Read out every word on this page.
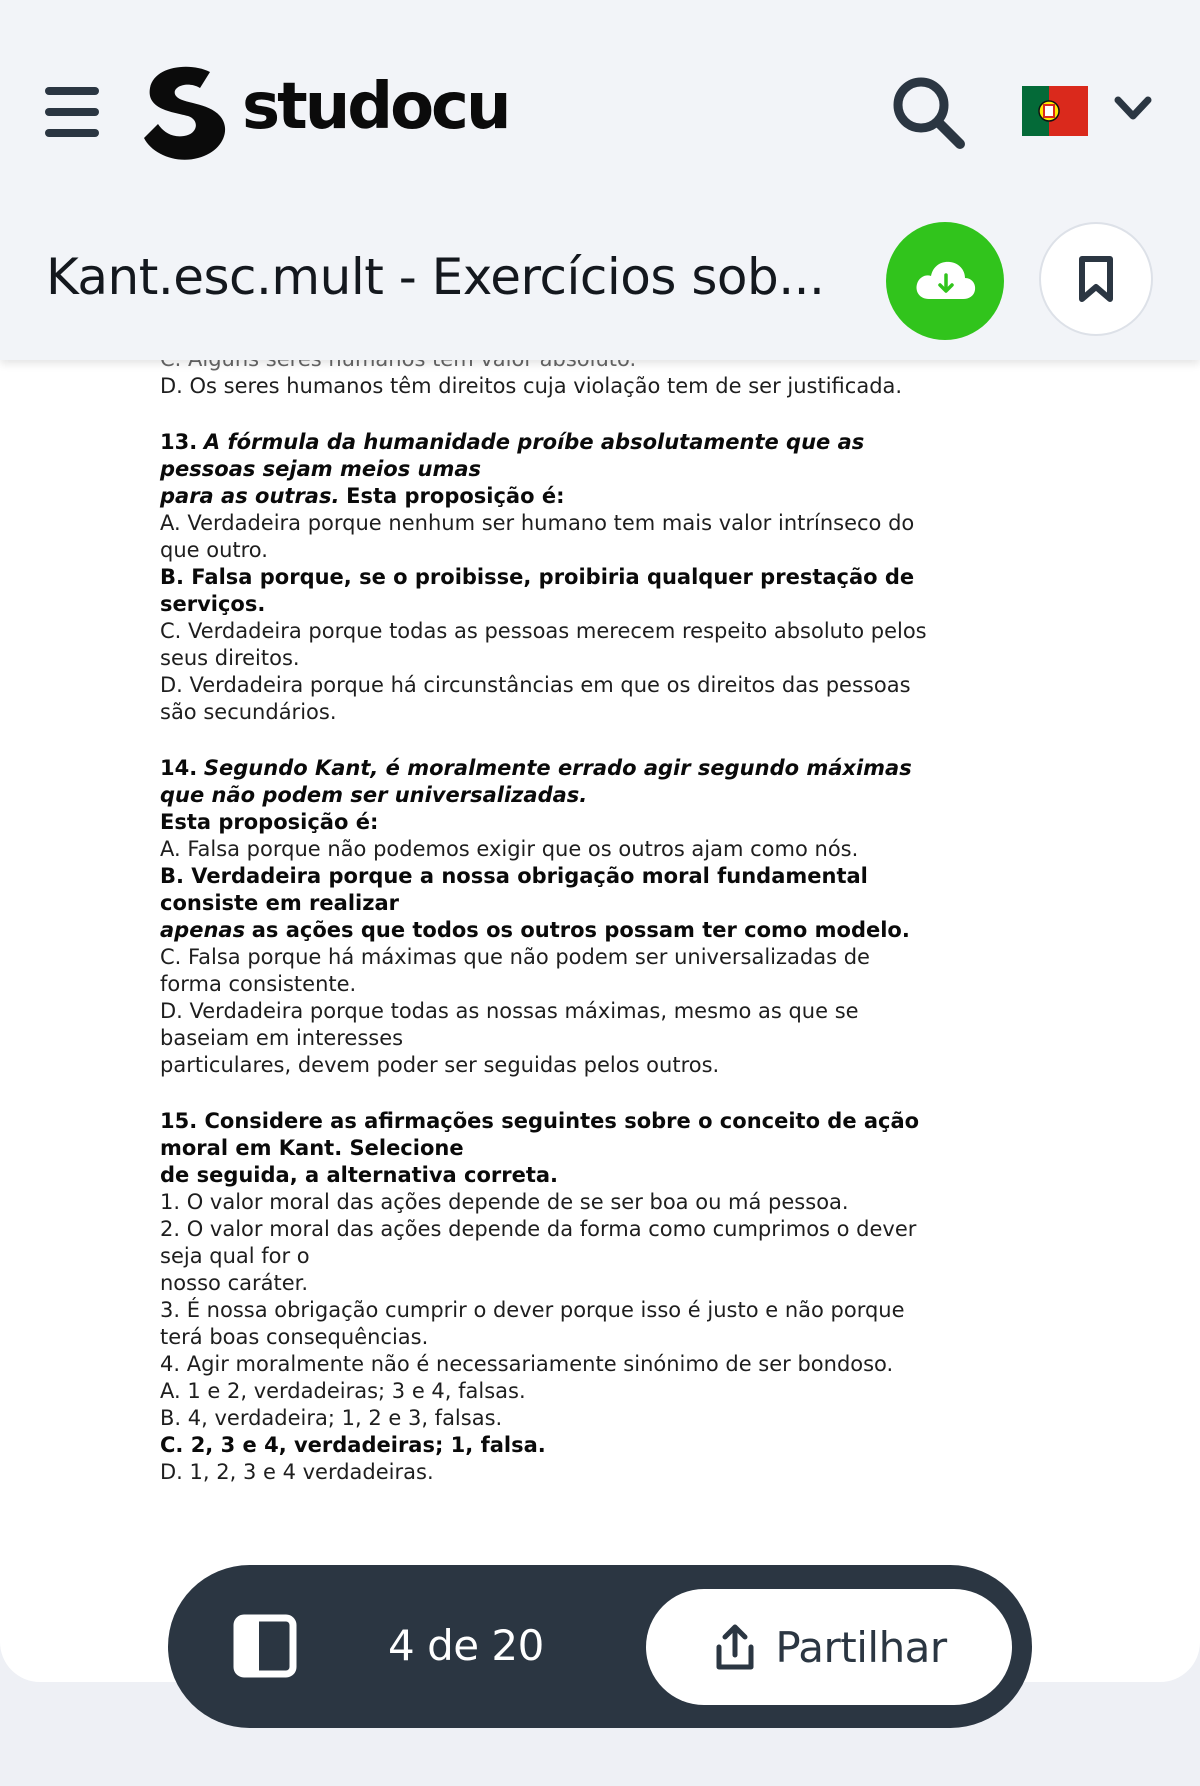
D. Os seres humanos têm direitos cuja violação tem de ser justificada.
13. A fórmula da humanidade proíbe absolutamente que as
pessoas sejam meios umas
para as outras. Esta proposição é:
A. Verdadeira porque nenhum ser humano tem mais valor intrínseco do
que outro.
B. Falsa porque, se o proibisse, proibiria qualquer prestação de
serviços.
C. Verdadeira porque todas as pessoas merecem respeito absoluto pelos
seus direitos.
D. Verdadeira porque há circunstâncias em que os direitos das pessoas
são secundários.
14. Segundo Kant, é moralmente errado agir segundo máximas
que não podem ser universalizadas.
Esta proposição é:
A. Falsa porque não podemos exigir que os outros ajam como nós.
B. Verdadeira porque a nossa obrigação moral fundamental
consiste em realizar
apenas as ações que todos os outros possam ter como modelo.
C. Falsa porque há máximas que não podem ser universalizadas de
forma consistente.
D. Verdadeira porque todas as nossas máximas, mesmo as que se
baseiam em interesses
particulares, devem poder ser seguidas pelos outros.
15. Considere as afirmações seguintes sobre o conceito de ação
moral em Kant. Selecione
de seguida, a alternativa correta.
1. O valor moral das ações depende de se ser boa ou má pessoa.
2. O valor moral das ações depende da forma como cumprimos o dever
seja qual for o
nosso caráter.
3. É nossa obrigação cumprir o dever porque isso é justo e não porque
terá boas consequências.
4. Agir moralmente não é necessariamente sinónimo de ser bondoso.
A. 1 e 2, verdadeiras; 3 e 4, falsas.
B. 4, verdadeira; 1, 2 e 3, falsas.
C. 2, 3 e 4, verdadeiras; 1, falsa.
D. 1, 2, 3 e 4 verdadeiras.
studocu
Kant.esc.mult - Exercícios sob...
4 de 20	Partilhar
